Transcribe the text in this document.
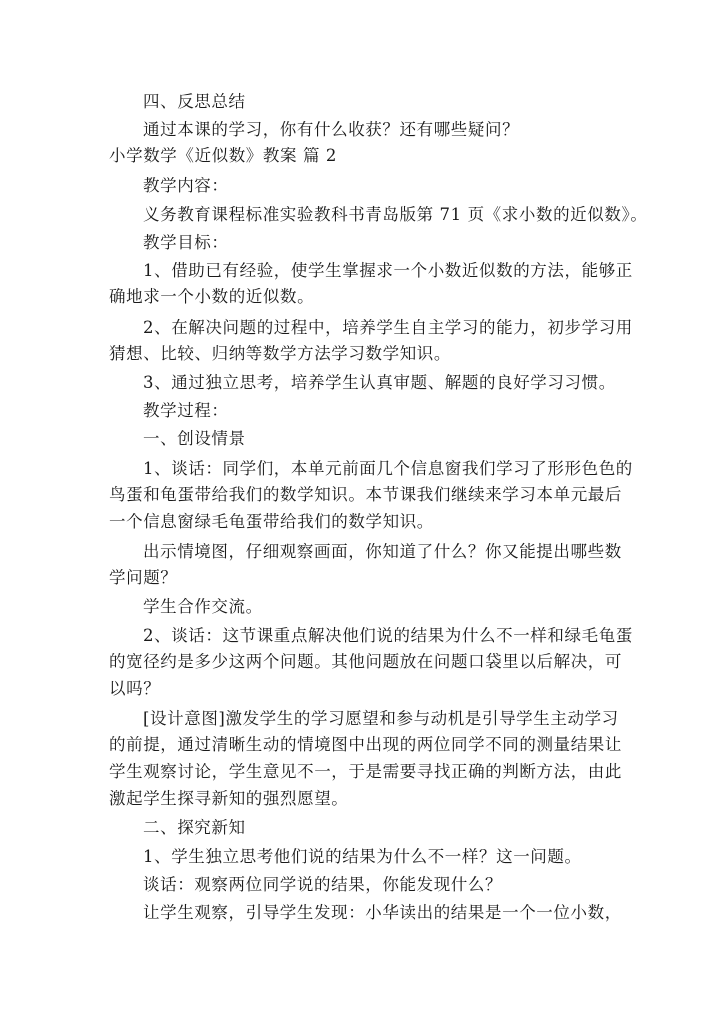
四、反思总结
通过本课的学习，你有什么收获？还有哪些疑问？
小学数学《近似数》教案 篇 2
教学内容：
义务教育课程标准实验教科书青岛版第 71 页《求小数的近似数》。
教学目标：
1、借助已有经验，使学生掌握求一个小数近似数的方法，能够正
确地求一个小数的近似数。
2、在解决问题的过程中，培养学生自主学习的能力，初步学习用
猜想、比较、归纳等数学方法学习数学知识。
3、通过独立思考，培养学生认真审题、解题的良好学习习惯。
教学过程：
一、创设情景
1、谈话：同学们，本单元前面几个信息窗我们学习了形形色色的
鸟蛋和龟蛋带给我们的数学知识。本节课我们继续来学习本单元最后
一个信息窗绿毛龟蛋带给我们的数学知识。
出示情境图，仔细观察画面，你知道了什么？你又能提出哪些数
学问题？
学生合作交流。
2、谈话：这节课重点解决他们说的结果为什么不一样和绿毛龟蛋
的宽径约是多少这两个问题。其他问题放在问题口袋里以后解决，可
以吗？
[设计意图]激发学生的学习愿望和参与动机是引导学生主动学习
的前提，通过清晰生动的情境图中出现的两位同学不同的测量结果让
学生观察讨论，学生意见不一，于是需要寻找正确的判断方法，由此
激起学生探寻新知的强烈愿望。
二、探究新知
1、学生独立思考他们说的结果为什么不一样？这一问题。
谈话：观察两位同学说的结果，你能发现什么？
让学生观察，引导学生发现：小华读出的结果是一个一位小数，
